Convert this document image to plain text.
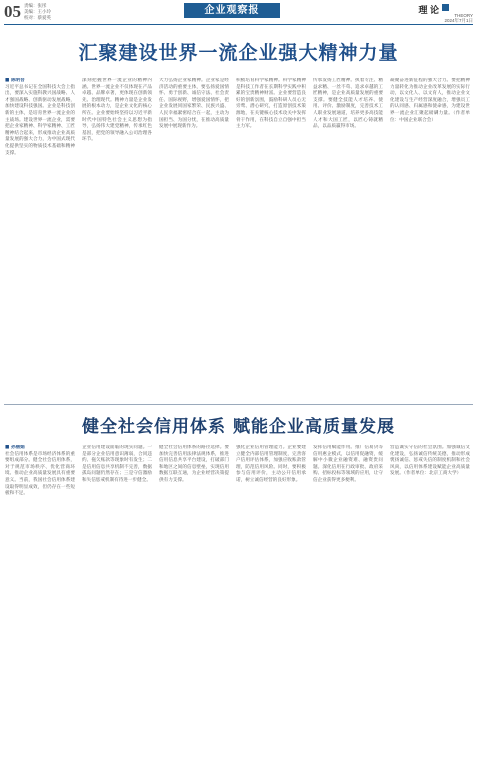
05 责编：张彤
美编：王小玲
校对：蔡爱英
企业观察报	理 论
THEORY
2024年7月1日
汇聚建设世界一流企业强大精神力量
■ 陈明吾
习近平总书记在全国科技大会上指出，要深入实施科教兴国战略、人才强国战略、创新驱动发展战略，加快建设科技强国。企业是科技创新的主体，是培育世界一流企业的主战场。建设世界一流企业，需要把企业家精神、科学家精神、工匠精神结合起来，形成推动企业高质量发展的强大合力，为中国式现代化提供坚实的物质技术基础和精神支撑。
深刻把握世界一流企业的精神内涵。世界一流企业不仅体现在产品卓越、品牌卓著，更体现在创新领先、治理现代。精神力量是企业发展的根本动力，是企业文化的核心所在。企业要始终坚持以习近平新时代中国特色社会主义思想为指导，弘扬伟大建党精神，传承红色基因，把党的领导融入公司治理各环节。
大力弘扬企业家精神。企业家是经济活动的重要主体，要弘扬爱国情怀、勇于创新、诚信守法、社会责任、国际视野，增强爱国情怀，把企业发展同国家繁荣、民族兴盛、人民幸福紧密结合在一起，主动为国担当、为国分忧，在推动高质量发展中展现新作为。
积极培育科学家精神。科学家精神是科技工作者在长期科学实践中积累的宝贵精神财富。企业要营造良好的创新氛围，鼓励科研人员心无旁骛、潜心研究，打造原创技术策源地，在关键核心技术攻关中发挥骨干作用，在科技自立自强中担当主力军。
传承发扬工匠精神。执着专注、精益求精、一丝不苟、追求卓越的工匠精神，是企业高质量发展的重要支撑。要健全技能人才培养、使用、评价、激励制度，完善技术工人职业发展通道，培养更多高技能人才和大国工匠，以匠心铸就精品，以品质赢得市场。
凝聚奋进新征程的强大合力。要把精神力量转化为推动企业改革发展的实际行动，以文化人、以文育人，推动企业文化建设与生产经营深度融合，增强员工的认同感、归属感和使命感，为建设世界一流企业汇聚起磅礴力量。（作者单位：中国企业联合会）
健全社会信用体系 赋能企业高质量发展
■ 孙丽娟
社会信用体系是市场经济体系的重要组成部分。健全社会信用体系，对于规范市场秩序、优化营商环境、推动企业高质量发展具有重要意义。当前，我国社会信用体系建设取得明显成效，但仍存在一些短板和不足。
企业信用建设面临的现实问题。一是部分企业信用意识薄弱，合同违约、拖欠账款等现象时有发生；二是信用信息共享机制不完善，数据孤岛问题仍然存在；三是守信激励和失信惩戒机制有待进一步健全。
健全社会信用体系的路径选择。要加快完善信用法律法规体系，推进信用信息共享平台建设，打破部门和地区之间的信息壁垒，实现信用数据互联互通，为企业经营决策提供有力支撑。
强化企业信用管理能力。企业要建立健全内部信用管理制度，完善客户信用评估体系，加强应收账款管理，防范信用风险。同时，要积极参与信用评价，主动公开信用承诺，树立诚信经营的良好形象。
发挥信用赋能作用。推广信易贷等信用惠企模式，以信用促融资，缓解中小微企业融资难、融资贵问题。深化信用在行政审批、政府采购、招标投标等领域的应用，让守信企业获得更多便利。
营造诚实守信的社会氛围。加强诚信文化建设，弘扬诚信传统美德，推动形成褒扬诚信、惩戒失信的制度机制和社会风尚，以信用体系建设赋能企业高质量发展。（作者单位：北京工商大学）
